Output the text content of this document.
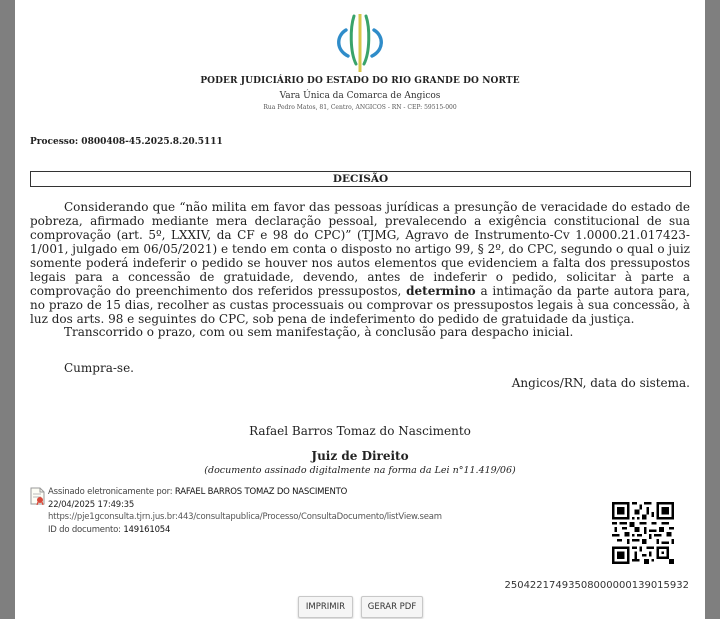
PODER JUDICIÁRIO DO ESTADO DO RIO GRANDE DO NORTE
Vara Única da Comarca de Angicos
Rua Pedro Matos, 81, Centro, ANGICOS - RN - CEP: 59515-000
Processo: 0800408-45.2025.8.20.5111
DECISÃO
Considerando que “não milita em favor das pessoas jurídicas a presunção de veracidade do estado de pobreza, afirmado mediante mera declaração pessoal, prevalecendo a exigência constitucional de sua comprovação (art. 5º, LXXIV, da CF e 98 do CPC)” (TJMG, Agravo de Instrumento-Cv 1.0000.21.017423-1/001, julgado em 06/05/2021) e tendo em conta o disposto no artigo 99, § 2º, do CPC, segundo o qual o juiz somente poderá indeferir o pedido se houver nos autos elementos que evidenciem a falta dos pressupostos legais para a concessão de gratuidade, devendo, antes de indeferir o pedido, solicitar à parte a comprovação do preenchimento dos referidos pressupostos, determino a intimação da parte autora para, no prazo de 15 dias, recolher as custas processuais ou comprovar os pressupostos legais à sua concessão, à luz dos arts. 98 e seguintes do CPC, sob pena de indeferimento do pedido de gratuidade da justiça.
Transcorrido o prazo, com ou sem manifestação, à conclusão para despacho inicial.
Cumpra-se.
Angicos/RN, data do sistema.
Rafael Barros Tomaz do Nascimento
Juiz de Direito
(documento assinado digitalmente na forma da Lei n°11.419/06)
Assinado eletronicamente por: RAFAEL BARROS TOMAZ DO NASCIMENTO
22/04/2025 17:49:35
https://pje1gconsulta.tjrn.jus.br:443/consultapublica/Processo/ConsultaDocumento/listView.seam
ID do documento: 149161054
25042217493508000000139015932
IMPRIMIR	GERAR PDF
